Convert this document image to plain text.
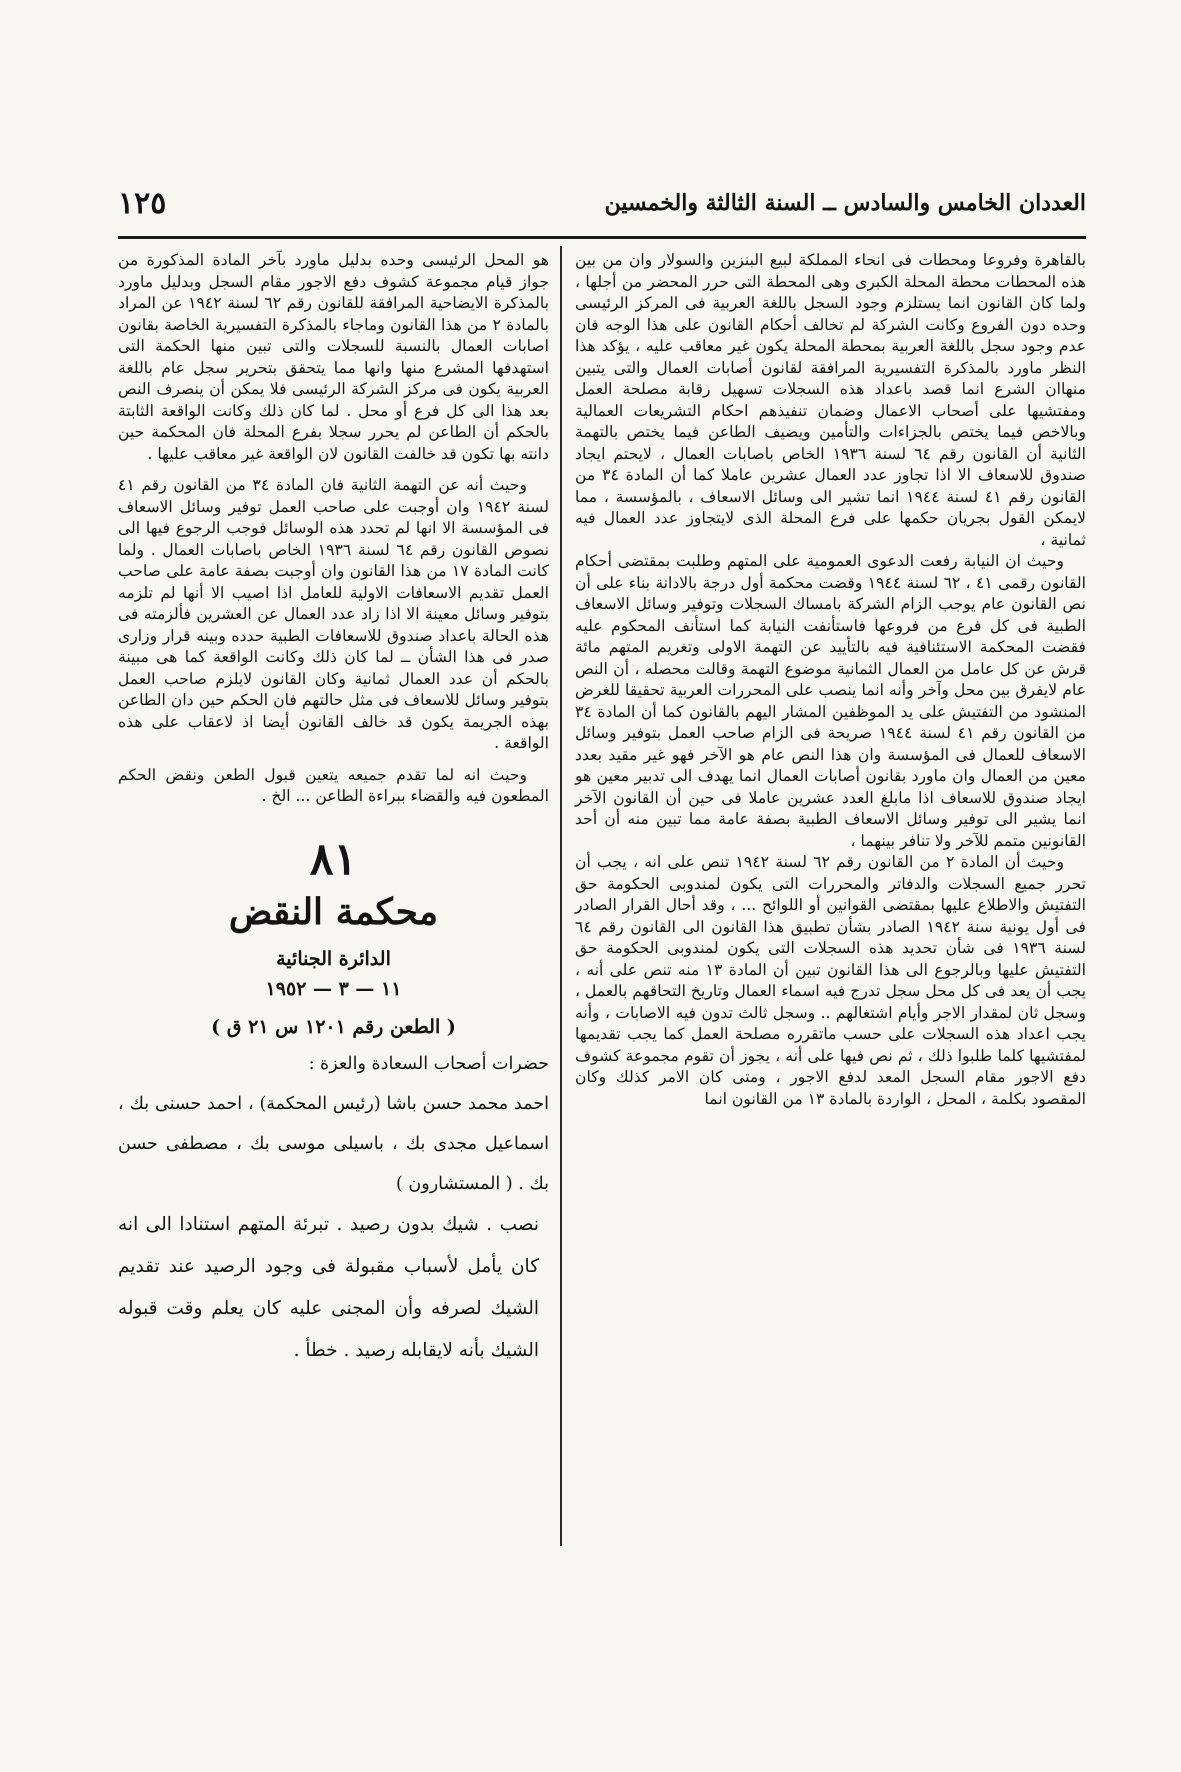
العددان الخامس والسادس ــ السنة الثالثة والخمسين
١٢٥

بالقاهرة وفروعا ومحطات فى انحاء المملكة لبيع البنزين والسولار وان من بين هذه المحطات محطة المحلة الكبرى وهى المحطة التى حرر المحضر من أجلها ، ولما كان القانون انما يستلزم وجود السجل باللغة العربية فى المركز الرئيسى وحده دون الفروع وكانت الشركة لم تخالف أحكام القانون على هذا الوجه فان عدم وجود سجل باللغة العربية بمحطة المحلة يكون غير معاقب عليه ، يؤكد هذا النظر ماورد بالمذكرة التفسيرية المرافقة لقانون أصابات العمال والتى يتبين منهاان الشرع انما قصد باعداد هذه السجلات تسهيل رقابة مصلحة العمل ومفتشيها على أصحاب الاعمال وضمان تنفيذهم احكام التشريعات العمالية وبالاخص فيما يختص بالجزاءات والتأمين ويضيف الطاعن فيما يختص بالتهمة الثانية أن القانون رقم ٦٤ لسنة ١٩٣٦ الخاص باصابات العمال ، لايحتم ايجاد صندوق للاسعاف الا اذا تجاوز عدد العمال عشرين عاملا كما أن المادة ٣٤ من القانون رقم ٤١ لسنة ١٩٤٤ انما تشير الى وسائل الاسعاف ، بالمؤسسة ، مما لايمكن القول بجريان حكمها على فرع المحلة الذى لايتجاوز عدد العمال فيه ثمانية ،

وحيث ان النيابة رفعت الدعوى العمومية على المتهم وطلبت بمقتضى أحكام القانون رقمى ٤١ ، ٦٢ لسنة ١٩٤٤ وقضت محكمة أول درجة بالادانة بناء على أن نص القانون عام يوجب الزام الشركة بامساك السجلات وتوفير وسائل الاسعاف الطبية فى كل فرع من فروعها فاستأنفت النيابة كما استأنف المحكوم عليه فقضت المحكمة الاستئنافية فيه بالتأييد عن التهمة الاولى وتغريم المتهم مائة قرش عن كل عامل من العمال الثمانية موضوع التهمة وقالت محصله ، أن النص عام لايفرق بين محل وآخر وأنه انما ينصب على المحررات العربية تحقيقا للغرض المنشود من التفتيش على يد الموظفين المشار اليهم بالقانون كما أن المادة ٣٤ من القانون رقم ٤١ لسنة ١٩٤٤ صريحة فى الزام صاحب العمل بتوفير وسائل الاسعاف للعمال فى المؤسسة وان هذا النص عام هو الآخر فهو غير مقيد بعدد معين من العمال وان ماورد بقانون أصابات العمال انما يهدف الى تدبير معين هو ايجاد صندوق للاسعاف اذا مابلغ العدد عشرين عاملا فى حين أن القانون الآخر انما يشير الى توفير وسائل الاسعاف الطبية بصفة عامة مما تبين منه أن أحد القانونين متمم للآخر ولا تنافر بينهما ،

وحيث أن المادة ٢ من القانون رقم ٦٢ لسنة ١٩٤٢ تنص على انه ، يجب أن تحرر جميع السجلات والدفاتر والمحررات التى يكون لمندوبى الحكومة حق التفتيش والاطلاع عليها بمقتضى القوانين أو اللوائح ... ، وقد أحال القرار الصادر فى أول يونية سنة ١٩٤٢ الصادر بشأن تطبيق هذا القانون الى القانون رقم ٦٤ لسنة ١٩٣٦ فى شأن تحديد هذه السجلات التى يكون لمندوبى الحكومة حق التفتيش عليها وبالرجوع الى هذا القانون تبين أن المادة ١٣ منه تنص على أنه ، يجب أن يعد فى كل محل سجل تدرج فيه اسماء العمال وتاريخ التحاقهم بالعمل ، وسجل ثان لمقدار الاجر وأيام اشتغالهم .. وسجل ثالث تدون فيه الاصابات ، وأنه يجب اعداد هذه السجلات على حسب ماتقرره مصلحة العمل كما يجب تقديمها لمفتشيها كلما طلبوا ذلك ، ثم نص فيها على أنه ، يجوز أن تقوم مجموعة كشوف دفع الاجور مقام السجل المعد لدفع الاجور ، ومتى كان الامر كذلك وكان المقصود بكلمة ، المحل ، الواردة بالمادة ١٣ من القانون انما

هو المحل الرئيسى وحده بدليل ماورد بآخر المادة المذكورة من جواز قيام مجموعة كشوف دفع الاجور مقام السجل وبدليل ماورد بالمذكرة الايضاحية المرافقة للقانون رقم ٦٢ لسنة ١٩٤٢ عن المراد بالمادة ٢ من هذا القانون وماجاء بالمذكرة التفسيرية الخاصة بقانون اصابات العمال بالنسبة للسجلات والتى تبين منها الحكمة التى استهدفها المشرع منها وانها مما يتحقق بتحرير سجل عام باللغة العربية يكون فى مركز الشركة الرئيسى فلا يمكن أن ينصرف النص بعد هذا الى كل فرع أو محل . لما كان ذلك وكانت الواقعة الثابتة بالحكم أن الطاعن لم يحرر سجلا بفرع المحلة فان المحكمة حين دانته بها تكون قد خالفت القانون لان الواقعة غير معاقب عليها .

وحيث أنه عن التهمة الثانية فان المادة ٣٤ من القانون رقم ٤١ لسنة ١٩٤٢ وان أوجبت على صاحب العمل توفير وسائل الاسعاف فى المؤسسة الا انها لم تحدد هذه الوسائل فوجب الرجوع فيها الى نصوص القانون رقم ٦٤ لسنة ١٩٣٦ الخاص باصابات العمال . ولما كانت المادة ١٧ من هذا القانون وان أوجبت بصفة عامة على صاحب العمل تقديم الاسعافات الاولية للعامل اذا اصيب الا أنها لم تلزمه بتوفير وسائل معينة الا اذا زاد عدد العمال عن العشرين فألزمته فى هذه الحالة باعداد صندوق للاسعافات الطبية حدده وبينه قرار وزارى صدر فى هذا الشأن ــ لما كان ذلك وكانت الواقعة كما هى مبينة بالحكم أن عدد العمال ثمانية وكان القانون لايلزم صاحب العمل بتوفير وسائل للاسعاف فى مثل حالتهم فان الحكم حين دان الطاعن بهذه الجريمة يكون قد خالف القانون أيضا اذ لاعقاب على هذه الواقعة .

وحيث انه لما تقدم جميعه يتعين قبول الطعن ونقض الحكم المطعون فيه والقضاء ببراءة الطاعن ... الخ .

٨١
محكمة النقض
الدائرة الجنائية
١١ — ٣ — ١٩٥٢
( الطعن رقم ١٢٠١ س ٢١ ق )

حضرات أصحاب السعادة والعزة :

احمد محمد حسن باشا (رئيس المحكمة) ، احمد حسنى بك ، اسماعيل مجدى بك ، باسيلى موسى بك ، مصطفى حسن بك . ( المستشارون )

نصب . شيك بدون رصيد . تبرئة المتهم استنادا الى انه كان يأمل لأسباب مقبولة فى وجود الرصيد عند تقديم الشيك لصرفه وأن المجنى عليه كان يعلم وقت قبوله الشيك بأنه لايقابله رصيد . خطأ .
